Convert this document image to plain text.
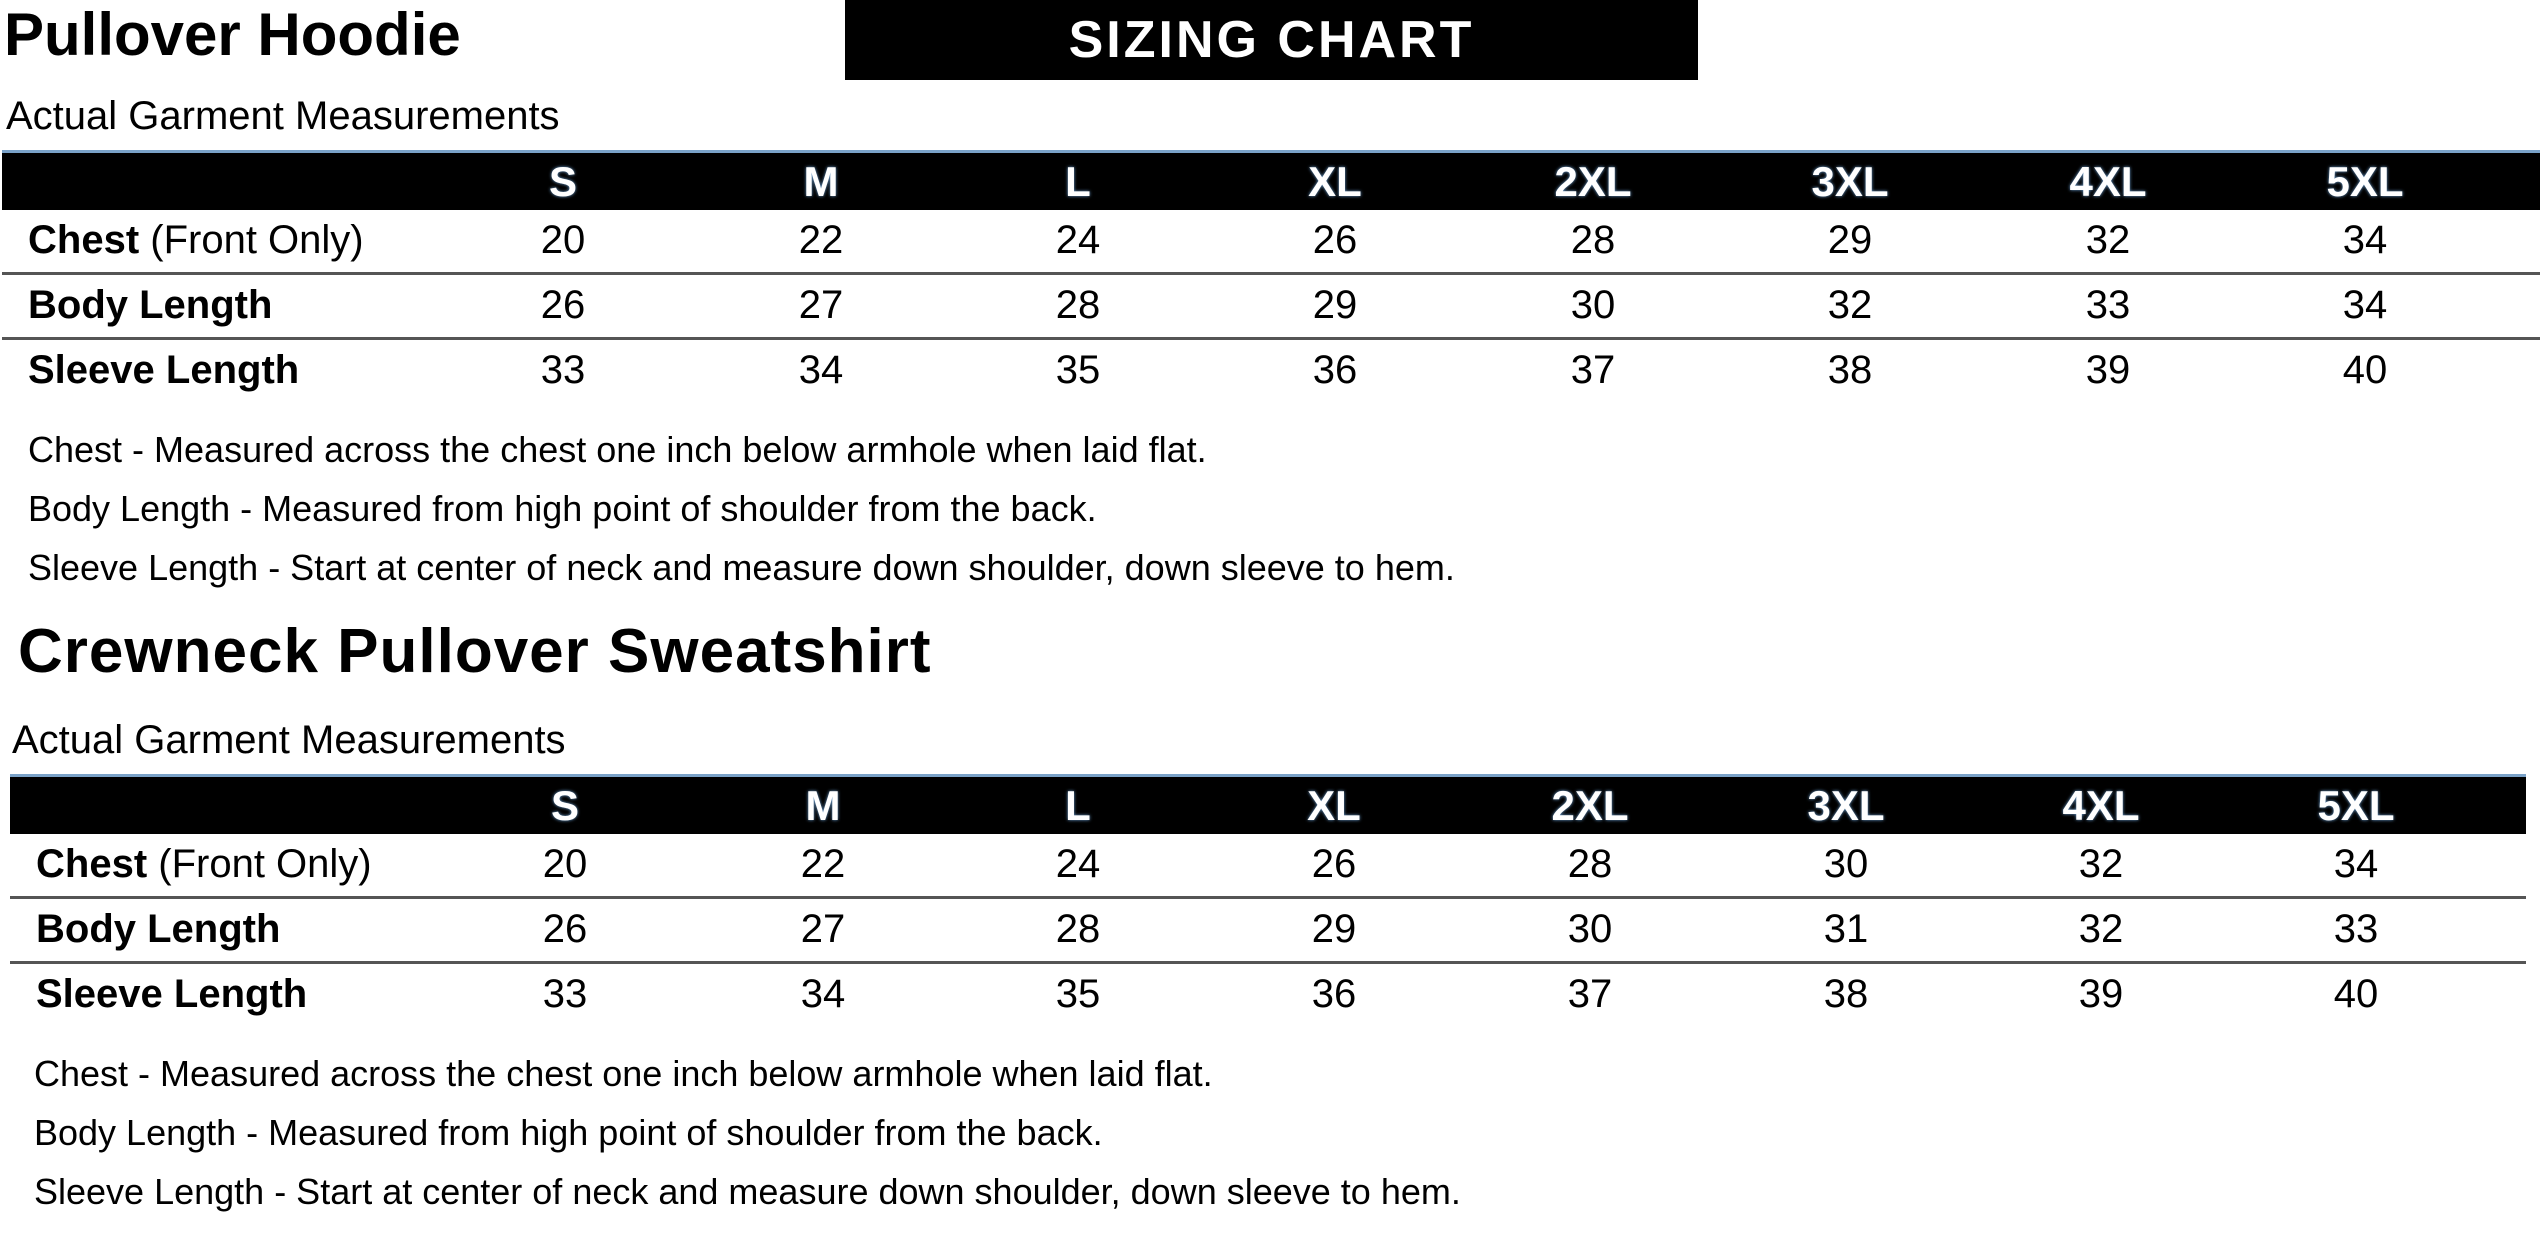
SIZING CHART
Pullover Hoodie
Actual Garment Measurements
S	M	L	XL	2XL	3XL	4XL	5XL
Chest (Front Only)	20	22	24	26	28	29	32	34
Body Length	26	27	28	29	30	32	33	34
Sleeve Length	33	34	35	36	37	38	39	40
Chest - Measured across the chest one inch below armhole when laid flat.
Body Length - Measured from high point of shoulder from the back.
Sleeve Length - Start at center of neck and measure down shoulder, down sleeve to hem.
Crewneck Pullover Sweatshirt
Actual Garment Measurements
S	M	L	XL	2XL	3XL	4XL	5XL
Chest (Front Only)	20	22	24	26	28	30	32	34
Body Length	26	27	28	29	30	31	32	33
Sleeve Length	33	34	35	36	37	38	39	40
Chest - Measured across the chest one inch below armhole when laid flat.
Body Length - Measured from high point of shoulder from the back.
Sleeve Length - Start at center of neck and measure down shoulder, down sleeve to hem.
